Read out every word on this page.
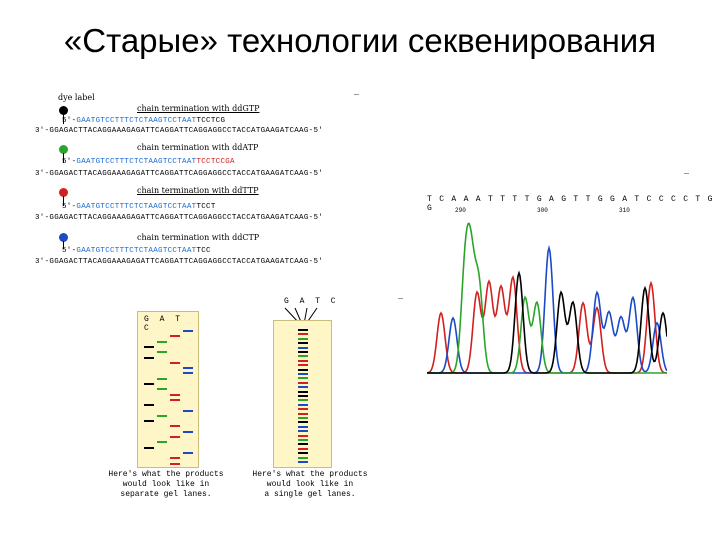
«Старые» технологии секвенирования
dye label
chain termination with ddGTP
5'-GAATGTCCTTTCTCTAAGTCCTAATTCCTCG
3'-GGAGACTTACAGGAAAGAGATTCAGGATTCAGGAGGCCTACCATGAAGATCAAG-5'
chain termination with ddATP
5'-GAATGTCCTTTCTCTAAGTCCTAATTCCTCCGA
3'-GGAGACTTACAGGAAAGAGATTCAGGATTCAGGAGGCCTACCATGAAGATCAAG-5'
chain termination with ddTTP
5'-GAATGTCCTTTCTCTAAGTCCTAATTCCT
3'-GGAGACTTACAGGAAAGAGATTCAGGATTCAGGAGGCCTACCATGAAGATCAAG-5'
chain termination with ddCTP
5'-GAATGTCCTTTCTCTAAGTCCTAATTCC
3'-GGAGACTTACAGGAAAGAGATTCAGGATTCAGGAGGCCTACCATGAAGATCAAG-5'
G A T C
Here's what the products
would look like in
separate gel lanes.
G A T C
Here's what the products
would look like in
a single gel lanes.
T C A A A T T T T G A G T T G G A T C C C C T G G	290	300	310
